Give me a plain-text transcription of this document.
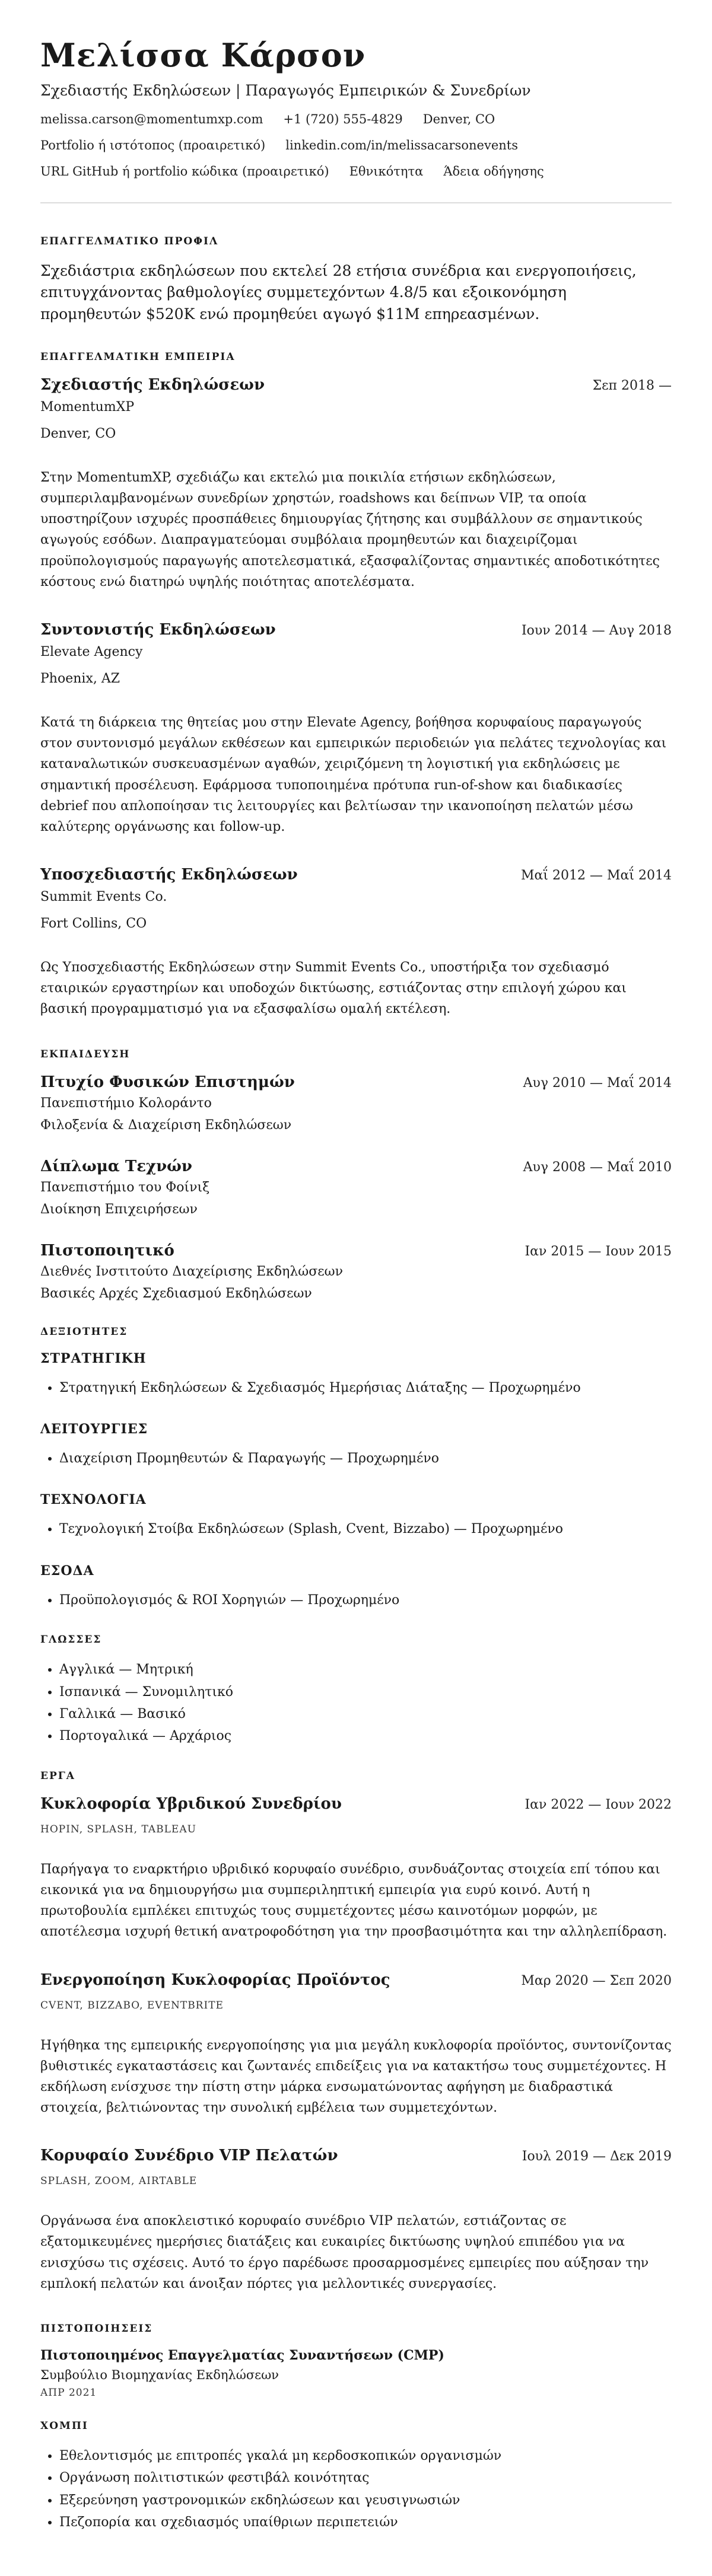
Μελίσσα Κάρσον
Σχεδιαστής Εκδηλώσεων | Παραγωγός Εμπειρικών & Συνεδρίων
melissa.carson@momentumxp.com +1 (720) 555-4829 Denver, CO
Portfolio ή ιστότοπος (προαιρετικό) linkedin.com/in/melissacarsonevents
URL GitHub ή portfolio κώδικα (προαιρετικό) Εθνικότητα Άδεια οδήγησης
ΕΠΑΓΓΕΛΜΑΤΙΚΟ ΠΡΟΦΙΛ

Σχεδιάστρια εκδηλώσεων που εκτελεί 28 ετήσια συνέδρια και ενεργοποιήσεις, επιτυγχάνοντας βαθμολογίες συμμετεχόντων 4.8/5 και εξοικονόμηση προμηθευτών $520K ενώ προμηθεύει αγωγό $11M επηρεασμένων.

ΕΠΑΓΓΕΛΜΑΤΙΚΗ ΕΜΠΕΙΡΙΑ
Σχεδιαστής Εκδηλώσεων	Σεπ 2018 —
MomentumXP
Denver, CO
Στην MomentumXP, σχεδιάζω και εκτελώ μια ποικιλία ετήσιων εκδηλώσεων, συμπεριλαμβανομένων συνεδρίων χρηστών, roadshows και δείπνων VIP, τα οποία υποστηρίζουν ισχυρές προσπάθειες δημιουργίας ζήτησης και συμβάλλουν σε σημαντικούς αγωγούς εσόδων. Διαπραγματεύομαι συμβόλαια προμηθευτών και διαχειρίζομαι προϋπολογισμούς παραγωγής αποτελεσματικά, εξασφαλίζοντας σημαντικές αποδοτικότητες κόστους ενώ διατηρώ υψηλής ποιότητας αποτελέσματα.
Συντονιστής Εκδηλώσεων	Ιουν 2014 — Αυγ 2018
Elevate Agency
Phoenix, AZ
Κατά τη διάρκεια της θητείας μου στην Elevate Agency, βοήθησα κορυφαίους παραγωγούς στον συντονισμό μεγάλων εκθέσεων και εμπειρικών περιοδειών για πελάτες τεχνολογίας και καταναλωτικών συσκευασμένων αγαθών, χειριζόμενη τη λογιστική για εκδηλώσεις με σημαντική προσέλευση. Εφάρμοσα τυποποιημένα πρότυπα run-of-show και διαδικασίες debrief που απλοποίησαν τις λειτουργίες και βελτίωσαν την ικανοποίηση πελατών μέσω καλύτερης οργάνωσης και follow-up.
Υποσχεδιαστής Εκδηλώσεων	Μαΐ 2012 — Μαΐ 2014
Summit Events Co.
Fort Collins, CO
Ως Υποσχεδιαστής Εκδηλώσεων στην Summit Events Co., υποστήριξα τον σχεδιασμό εταιρικών εργαστηρίων και υποδοχών δικτύωσης, εστιάζοντας στην επιλογή χώρου και βασική προγραμματισμό για να εξασφαλίσω ομαλή εκτέλεση.
ΕΚΠΑΙΔΕΥΣΗ
Πτυχίο Φυσικών Επιστημών	Αυγ 2010 — Μαΐ 2014
Πανεπιστήμιο Κολοράντο
Φιλοξενία & Διαχείριση Εκδηλώσεων
Δίπλωμα Τεχνών	Αυγ 2008 — Μαΐ 2010
Πανεπιστήμιο του Φοίνιξ
Διοίκηση Επιχειρήσεων
Πιστοποιητικό	Ιαν 2015 — Ιουν 2015
Διεθνές Ινστιτούτο Διαχείρισης Εκδηλώσεων
Βασικές Αρχές Σχεδιασμού Εκδηλώσεων
ΔΕΞΙΟΤΗΤΕΣ
ΣΤΡΑΤΗΓΙΚΗ
• Στρατηγική Εκδηλώσεων & Σχεδιασμός Ημερήσιας Διάταξης — Προχωρημένο
ΛΕΙΤΟΥΡΓΙΕΣ
• Διαχείριση Προμηθευτών & Παραγωγής — Προχωρημένο
ΤΕΧΝΟΛΟΓΙΑ
• Τεχνολογική Στοίβα Εκδηλώσεων (Splash, Cvent, Bizzabo) — Προχωρημένο
ΕΣΟΔΑ
• Προϋπολογισμός & ROI Χορηγιών — Προχωρημένο
ΓΛΩΣΣΕΣ
• Αγγλικά — Μητρική
• Ισπανικά — Συνομιλητικό
• Γαλλικά — Βασικό
• Πορτογαλικά — Αρχάριος
ΕΡΓΑ
Κυκλοφορία Υβριδικού Συνεδρίου	Ιαν 2022 — Ιουν 2022
HOPIN, SPLASH, TABLEAU
Παρήγαγα το εναρκτήριο υβριδικό κορυφαίο συνέδριο, συνδυάζοντας στοιχεία επί τόπου και εικονικά για να δημιουργήσω μια συμπεριληπτική εμπειρία για ευρύ κοινό. Αυτή η πρωτοβουλία εμπλέκει επιτυχώς τους συμμετέχοντες μέσω καινοτόμων μορφών, με αποτέλεσμα ισχυρή θετική ανατροφοδότηση για την προσβασιμότητα και την αλληλεπίδραση.
Ενεργοποίηση Κυκλοφορίας Προϊόντος	Μαρ 2020 — Σεπ 2020
CVENT, BIZZABO, EVENTBRITE
Ηγήθηκα της εμπειρικής ενεργοποίησης για μια μεγάλη κυκλοφορία προϊόντος, συντονίζοντας βυθιστικές εγκαταστάσεις και ζωντανές επιδείξεις για να κατακτήσω τους συμμετέχοντες. Η εκδήλωση ενίσχυσε την πίστη στην μάρκα ενσωματώνοντας αφήγηση με διαδραστικά στοιχεία, βελτιώνοντας την συνολική εμβέλεια των συμμετεχόντων.
Κορυφαίο Συνέδριο VIP Πελατών	Ιουλ 2019 — Δεκ 2019
SPLASH, ZOOM, AIRTABLE
Οργάνωσα ένα αποκλειστικό κορυφαίο συνέδριο VIP πελατών, εστιάζοντας σε εξατομικευμένες ημερήσιες διατάξεις και ευκαιρίες δικτύωσης υψηλού επιπέδου για να ενισχύσω τις σχέσεις. Αυτό το έργο παρέδωσε προσαρμοσμένες εμπειρίες που αύξησαν την εμπλοκή πελατών και άνοιξαν πόρτες για μελλοντικές συνεργασίες.
ΠΙΣΤΟΠΟΙΗΣΕΙΣ
Πιστοποιημένος Επαγγελματίας Συναντήσεων (CMP)
Συμβούλιο Βιομηχανίας Εκδηλώσεων
ΑΠΡ 2021
ΧΟΜΠΙ
• Εθελοντισμός με επιτροπές γκαλά μη κερδοσκοπικών οργανισμών
• Οργάνωση πολιτιστικών φεστιβάλ κοινότητας
• Εξερεύνηση γαστρονομικών εκδηλώσεων και γευσιγνωσιών
• Πεζοπορία και σχεδιασμός υπαίθριων περιπετειών
